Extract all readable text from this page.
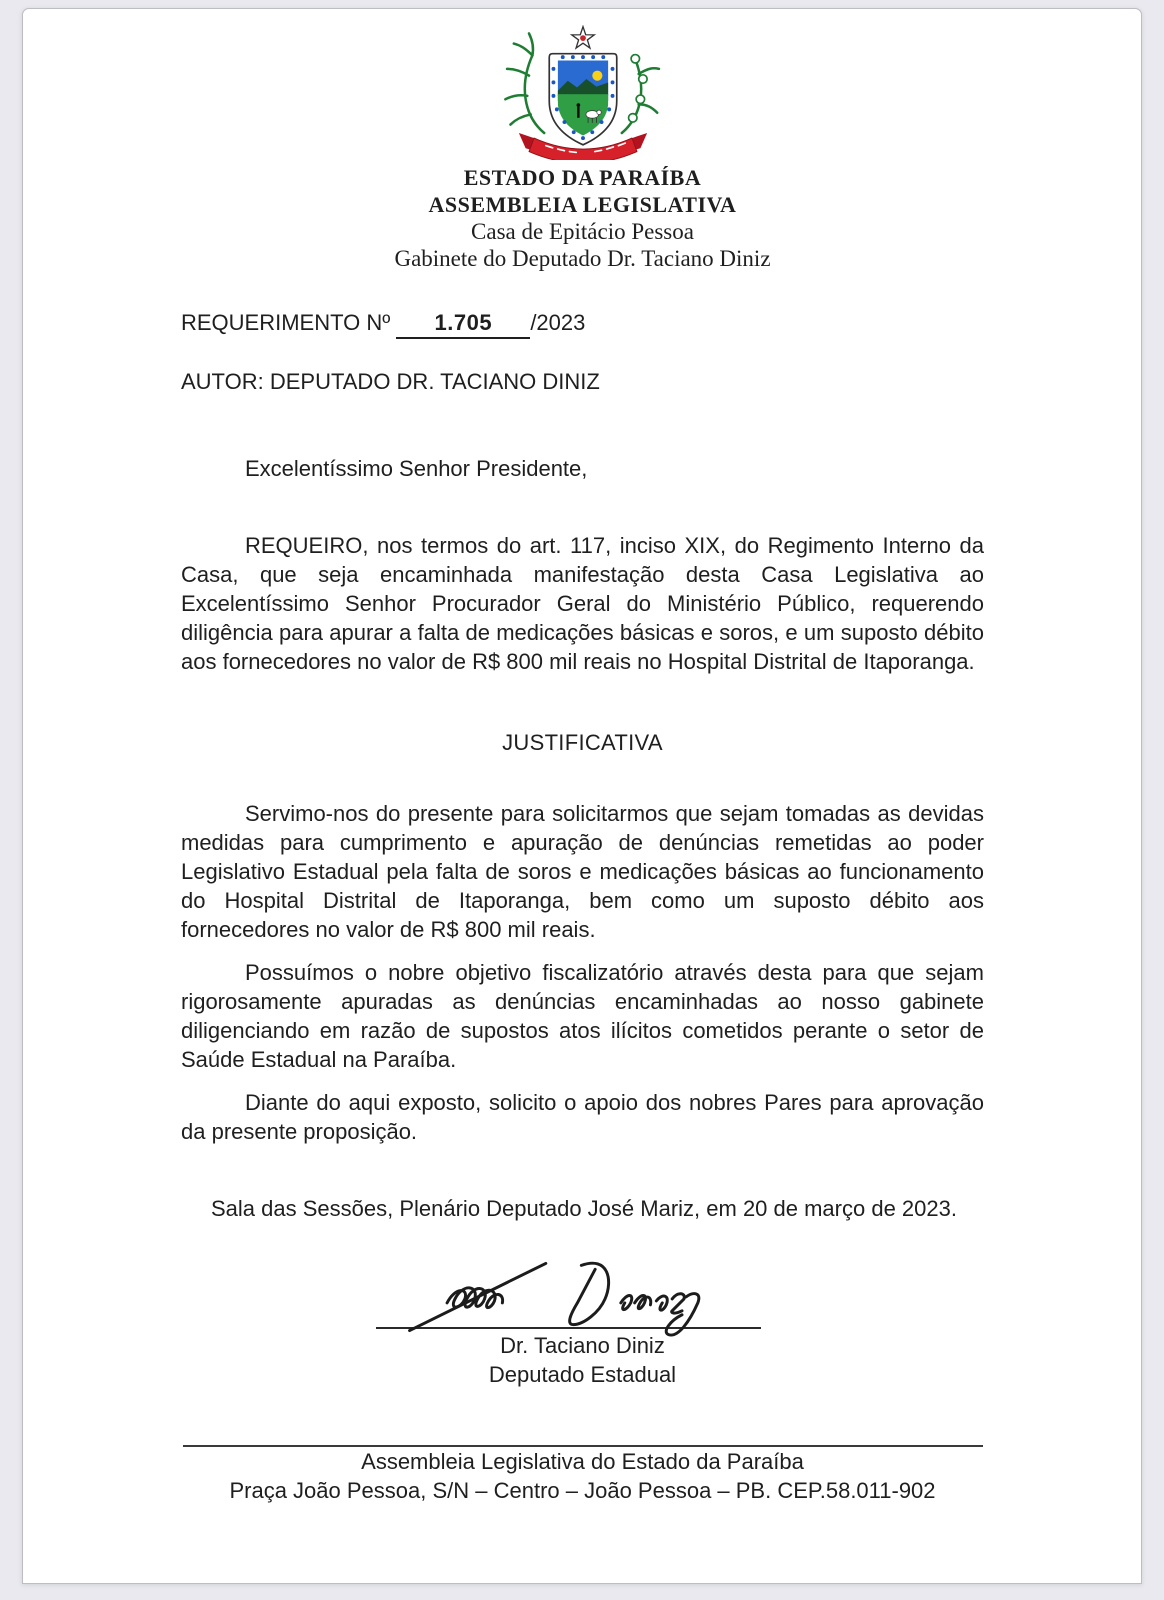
ESTADO DA PARAÍBA
ASSEMBLEIA LEGISLATIVA
Casa de Epitácio Pessoa
Gabinete do Deputado Dr. Taciano Diniz
REQUERIMENTO Nº 1.705 /2023
AUTOR: DEPUTADO DR. TACIANO DINIZ
Excelentíssimo Senhor Presidente,

REQUEIRO, nos termos do art. 117, inciso XIX, do Regimento Interno da Casa, que seja encaminhada manifestação desta Casa Legislativa ao Excelentíssimo Senhor Procurador Geral do Ministério Público, requerendo diligência para apurar a falta de medicações básicas e soros, e um suposto débito aos fornecedores no valor de R$ 800 mil reais no Hospital Distrital de Itaporanga.

JUSTIFICATIVA

Servimo-nos do presente para solicitarmos que sejam tomadas as devidas medidas para cumprimento e apuração de denúncias remetidas ao poder Legislativo Estadual pela falta de soros e medicações básicas ao funcionamento do Hospital Distrital de Itaporanga, bem como um suposto débito aos fornecedores no valor de R$ 800 mil reais.

Possuímos o nobre objetivo fiscalizatório através desta para que sejam rigorosamente apuradas as denúncias encaminhadas ao nosso gabinete diligenciando em razão de supostos atos ilícitos cometidos perante o setor de Saúde Estadual na Paraíba.

Diante do aqui exposto, solicito o apoio dos nobres Pares para aprovação da presente proposição.

Sala das Sessões, Plenário Deputado José Mariz, em 20 de março de 2023.
Dr. Taciano Diniz
Deputado Estadual
Assembleia Legislativa do Estado da Paraíba
Praça João Pessoa, S/N – Centro – João Pessoa – PB. CEP.58.011-902
